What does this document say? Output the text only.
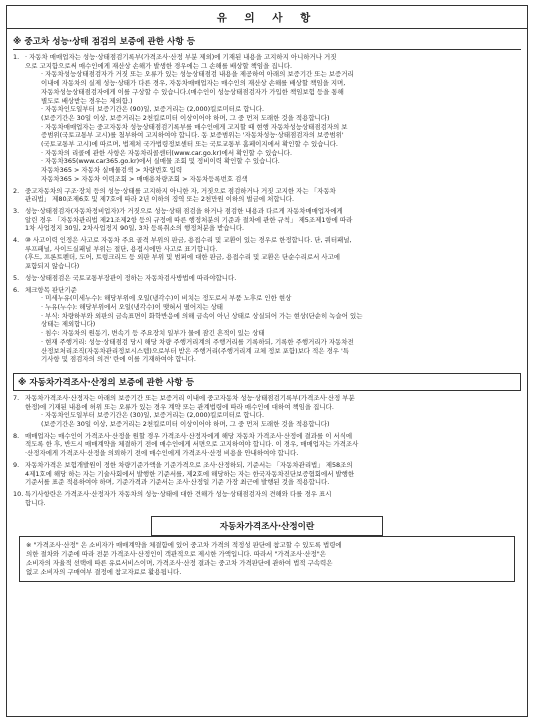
유 의 사 항
※ 중고차 성능·상태 점검의 보증에 관한 사항 등
1. · 자동차 매매업자는 성능·상태점검기록부(가격조사·산정 부분 제외)에 기재된 내용을 고지하지 아니하거나 거짓
으로 고지함으로써 매수인에게 재산상 손해가 발생한 경우에는 그 손해를 배상할 책임을 집니다.
· 자동차성능상태점검자가 거짓 또는 오류가 있는 성능상태점검 내용을 제공하여 아래의 보증기간 또는 보증거리
이내에 자동차의 실제 성능·상태가 다른 경우, 자동차매매업자는 매수인의 재산상 손해를 배상할 책임을 지며,
자동차성능상태점검자에게 이를 구상할 수 있습니다.(매수인이 성능상태점검자가 가입한 책임보험 등을 통해
별도로 배상받는 경우는 제외함.)
· 자동차인도일부터 보증기간은 (90)일, 보증거리는 (2,000)킬로미터로 합니다.
(보증기간은 30일 이상, 보증거리는 2천킬로미터 이상이어야 하며, 그 중 먼저 도래한 것을 적용합니다)
· 자동차매매업자는 중고자동차 성능상태점검기록부를 매수인에게 고지할 때 현행 자동차성능상태점검자의 보
증범위(국토교통부 고시)를 첨부하여 고지하여야 합니다. 동 보증범위는 '자동차성능·상태점검자의 보증범위'
(국토교통부 고시)에 따르며, 법제처 국가법령정보센터 또는 국토교통부 홈페이지에서 확인할 수 있습니다.
· 자동차의 리콜에 관한 사항은 자동차리콜센터(www.car.go.kr)에서 확인할 수 있습니다.
· 자동차365(www.car365.go.kr)에서 실매물 조회 및 정비이력 확인할 수 있습니다.
자동차365 > 자동차 실매물검색 > 차량번호 입력
자동차365 > 자동차 이력조회 > 매매용차량조회 > 자동차등록번호 검색
2. 중고자동차의 구조·장치 등의 성능·상태를 고지하지 아니한 자, 거짓으로 점검하거나 거짓 고지한 자는 「자동차
관리법」 제80조제6호 및 제7호에 따라 2년 이하의 징역 또는 2천만원 이하의 벌금에 처합니다.
3. 성능·상태점검자(자동차정비업자)가 거짓으로 성능·상태 점검을 하거나 점검한 내용과 다르게 자동차매매업자에게
알린 경우 「자동차관리법 제21조제2항 등의 규정에 따른 행정처분의 기준과 절차에 관한 규칙」 제5조제1항에 따라
1차 사업정지 30일, 2차사업정지 90일, 3차 등록취소의 행정처분을 받습니다.
4. ⑩ 사고이력 인정은 사고로 자동차 주요 골격 부위의 판금, 용접수리 및 교환이 있는 경우로 한정합니다. 단, 쿼터패널,
루프패널, 사이드실패널 부위는 절단, 용접시에만 사고로 표기합니다.
(후드, 프론트펜더, 도어, 트렁크리드 등 외판 부위 및 범퍼에 대한 판금, 용접수리 및 교환은 단순수리로서 사고에
포함되지 않습니다)
5. 성능·상태점검은 국토교통부장관이 정하는 자동차검사방법에 따라야합니다.
6. 체크항목 판단기준
· 미세누유(미세누수): 해당부위에 오일(냉각수)이 비치는 정도로서 부품 노후로 인한 현상
· 누유(누수): 해당부위에서 오일(냉각수)이 맺혀서 떨어지는 상태
· 부식: 차량하부와 외판의 금속표면이 화학반응에 의해 금속이 아닌 상태로 상실되어 가는 현상(단순히 녹슬어 있는
상태는 제외합니다)
· 침수: 자동차의 원동기, 변속기 등 주요장치 일부가 물에 잠긴 흔적이 있는 상태
· 현재 주행거리: 성능·상태점검 당시 해당 차량 주행거리계의 주행거리를 기록하되, 기록한 주행거리가 자동차전
산정보처리조직(자동차관리정보시스템)으로부터 받은 주행거리(주행거리계 교체 정보 포함)보다 적은 경우 '특
기사항 및 점검자의 의견' 란에 이를 기재하여야 합니다.
※ 자동차가격조사·산정의 보증에 관한 사항 등
7. 자동차가격조사·산정자는 아래의 보증기간 또는 보증거리 이내에 중고자동차 성능·상태점검기록부(가격조사·산정 부분
한정)에 기재된 내용에 허위 또는 오류가 있는 경우 계약 또는 관계법령에 따라 매수인에 대하여 책임을 집니다.
· 자동차인도일부터 보증기간은 (30)일, 보증거리는 (2,000)킬로미터로 합니다.
(보증기간은 30일 이상, 보증거리는 2천킬로미터 이상이어야 하며, 그 중 먼저 도래한 것을 적용합니다)
8. 매매업자는 매수인이 가격조사·산정을 원할 경우 가격조사·산정자에게 해당 자동차 가격조사·산정에 결과를 이 서식에
적도록 한 후, 반드시 매매계약을 체결하기 전에 매수인에게 서면으로 고지하여야 합니다. 이 경우, 매매업자는 가격조사
·산정자에게 가격조사·산정을 의뢰하기 전에 매수인에게 가격조사·산정 비용을 안내하여야 합니다.
9. 자동차가격은 보험개발원이 정한 차량기준가액을 기준가격으로 조사·산정하되, 기준서는 「자동차관리법」 제58조의
4제1호에 해당 하는 자는 기술사회에서 발행한 기준서를, 제2호에 해당하는 자는 한국자동차진단보증협회에서 발행한
기준서를 표준 적용하여야 하며, 기준가격과 기준서는 조사·산정일 기준 가장 최근에 발행된 것을 적용합니다.
10. 특기사항란은 가격조사·산정자가 자동차의 성능·상태에 대한 견해가 성능·상태점검자의 견해와 다를 경우 표시
합니다.
자동차가격조사·산정이란
※ "가격조사·산정" 은 소비자가 매매계약을 체결함에 있어 중고차 가격의 적정성 판단에 참고할 수 있도록 법령에
의한 절차와 기준에 따라 전문 가격조사·산정인이 객관적으로 제시한 가액입니다. 따라서 "가격조사·산정"은
소비자의 자율적 선택에 따른 유료서비스이며, 가격조사·산정 결과는 중고차 가격판단에 관하여 법적 구속력은
없고 소비자의 구매여부 결정에 참고자료로 활용됩니다.
